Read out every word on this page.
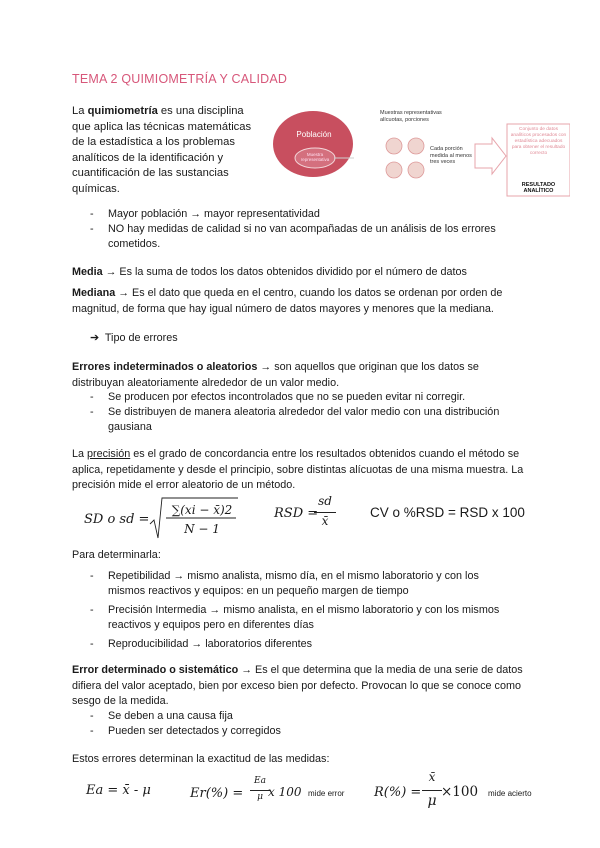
TEMA 2 QUIMIOMETRÍA Y CALIDAD
La quimiometría es una disciplina que aplica las técnicas matemáticas de la estadística a los problemas analíticos de la identificación y cuantificación de las sustancias químicas.
Población
Muestra representativa
Muestras representativas alícuotas, porciones
Cada porción medida al menos tres veces
Conjunto de datos analíticos procesados con estadística adecuados para obtener el resultado correcto
RESULTADO ANALÍTICO
- Mayor población → mayor representatividad
- NO hay medidas de calidad si no van acompañadas de un análisis de los errores cometidos.
Media → Es la suma de todos los datos obtenidos dividido por el número de datos
Mediana → Es el dato que queda en el centro, cuando los datos se ordenan por orden de magnitud, de forma que hay igual número de datos mayores y menores que la mediana.
➔ Tipo de errores
Errores indeterminados o aleatorios → son aquellos que originan que los datos se distribuyan aleatoriamente alrededor de un valor medio.
- Se producen por efectos incontrolados que no se pueden evitar ni corregir.
- Se distribuyen de manera aleatoria alrededor del valor medio con una distribución gausiana
La precisión es el grado de concordancia entre los resultados obtenidos cuando el método se aplica, repetidamente y desde el principio, sobre distintas alícuotas de una misma muestra. La precisión mide el error aleatorio de un método.
SD o sd =
∑(xi − x̄)2
N − 1
RSD =
sd
x̄
CV o %RSD = RSD x 100
Para determinarla:
- Repetibilidad → mismo analista, mismo día, en el mismo laboratorio y con los mismos reactivos y equipos: en un pequeño margen de tiempo
- Precisión Intermedia → mismo analista, en el mismo laboratorio y con los mismos reactivos y equipos pero en diferentes días
- Reproducibilidad → laboratorios diferentes
Error determinado o sistemático → Es el que determina que la media de una serie de datos difiera del valor aceptado, bien por exceso bien por defecto. Provocan lo que se conoce como sesgo de la medida.
- Se deben a una causa fija
- Pueden ser detectados y corregidos
Estos errores determinan la exactitud de las medidas:
Ea = x̄ - μ	Er(%) =
Ea
μ x 100 mide error R(%) =
x̄
μ
×100 mide acierto
